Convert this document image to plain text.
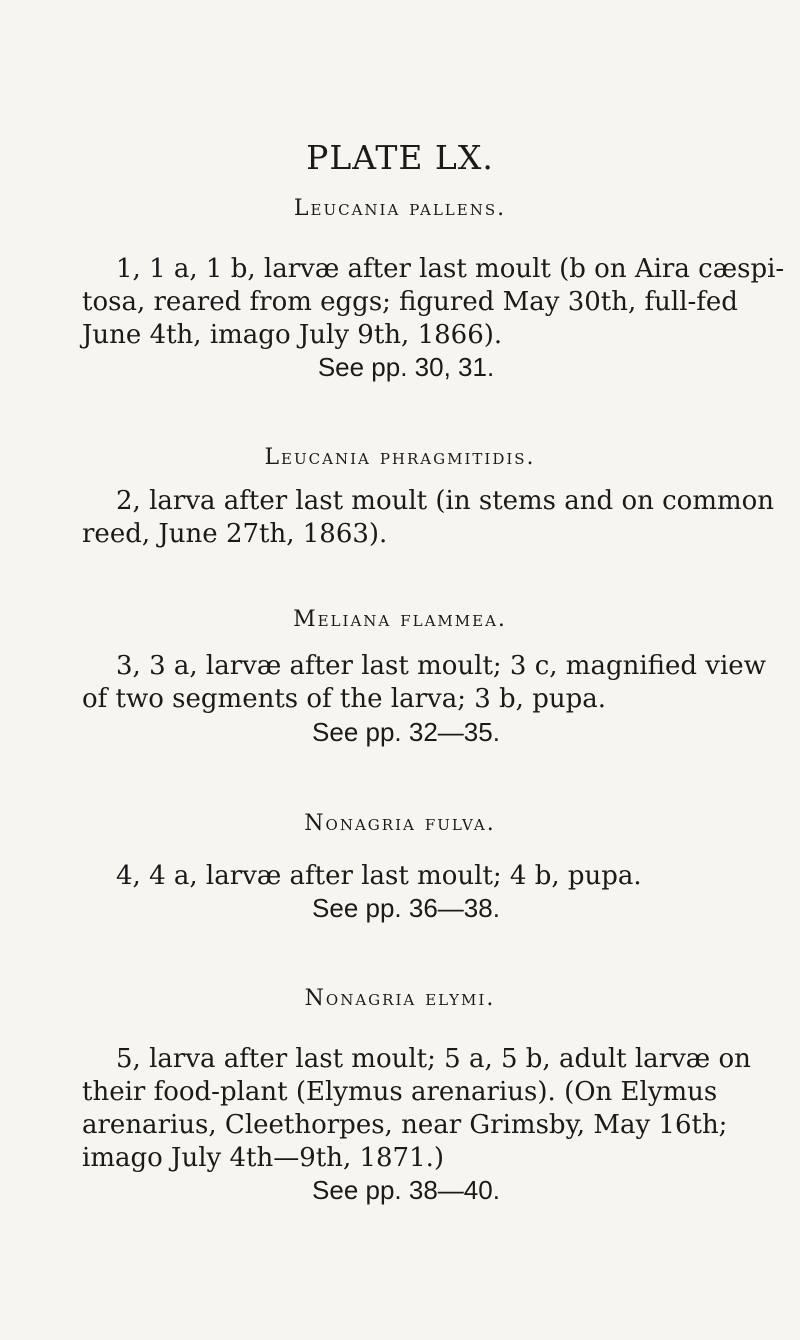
PLATE LX.
Leucania pallens.
1, 1 a, 1 b, larvæ after last moult (b on Aira cæspi-
tosa, reared from eggs; figured May 30th, full-fed
June 4th, imago July 9th, 1866).
See pp. 30, 31.
Leucania phragmitidis.
2, larva after last moult (in stems and on common
reed, June 27th, 1863).
Meliana flammea.
3, 3 a, larvæ after last moult; 3 c, magnified view
of two segments of the larva; 3 b, pupa.
See pp. 32—35.
Nonagria fulva.
4, 4 a, larvæ after last moult; 4 b, pupa.
See pp. 36—38.
Nonagria elymi.
5, larva after last moult; 5 a, 5 b, adult larvæ on
their food-plant (Elymus arenarius). (On Elymus
arenarius, Cleethorpes, near Grimsby, May 16th;
imago July 4th—9th, 1871.)
See pp. 38—40.
